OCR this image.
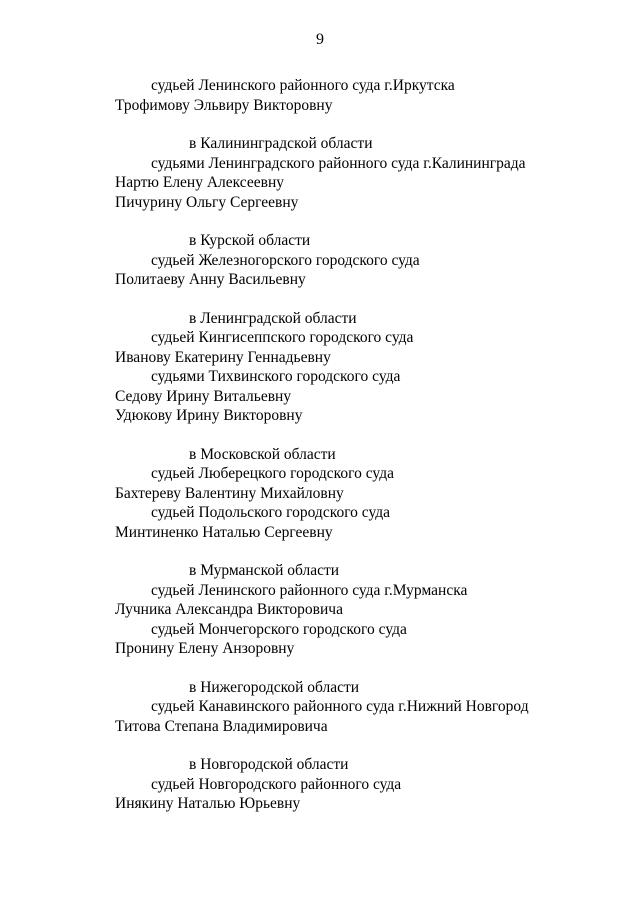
9
судьей Ленинского районного суда г.Иркутска
Трофимову Эльвиру Викторовну
в Калининградской области
судьями Ленинградского районного суда г.Калининграда
Нартю Елену Алексеевну
Пичурину Ольгу Сергеевну
в Курской области
судьей Железногорского городского суда
Политаеву Анну Васильевну
в Ленинградской области
судьей Кингисеппского городского суда
Иванову Екатерину Геннадьевну
судьями Тихвинского городского суда
Седову Ирину Витальевну
Удюкову Ирину Викторовну
в Московской области
судьей Люберецкого городского суда
Бахтереву Валентину Михайловну
судьей Подольского городского суда
Минтиненко Наталью Сергеевну
в Мурманской области
судьей Ленинского районного суда г.Мурманска
Лучника Александра Викторовича
судьей Мончегорского городского суда
Пронину Елену Анзоровну
в Нижегородской области
судьей Канавинского районного суда г.Нижний Новгород
Титова Степана Владимировича
в Новгородской области
судьей Новгородского районного суда
Инякину Наталью Юрьевну
